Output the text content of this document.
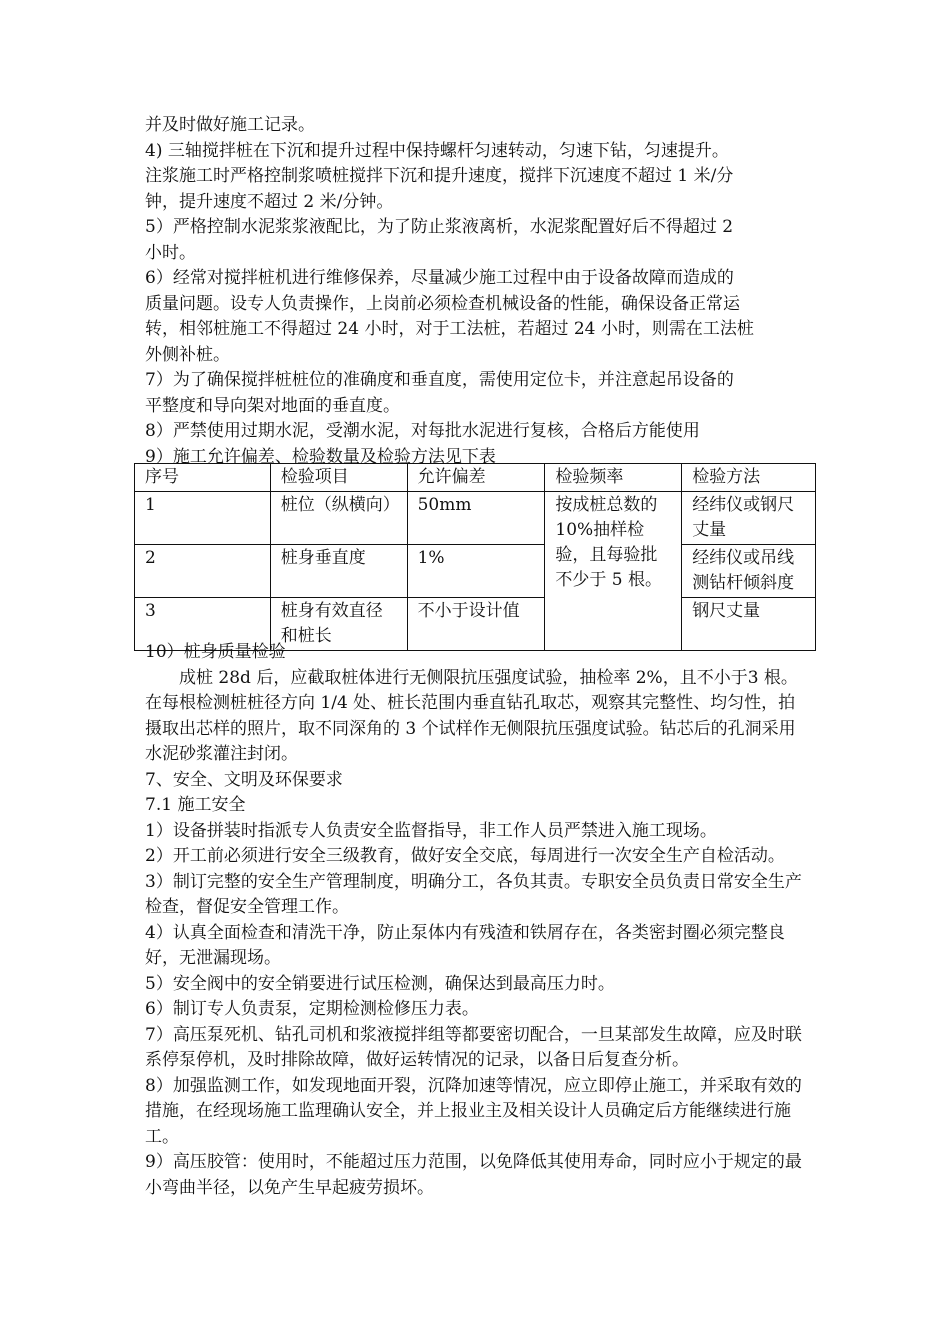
并及时做好施工记录。

4) 三轴搅拌桩在下沉和提升过程中保持螺杆匀速转动，匀速下钻，匀速提升。

注浆施工时严格控制浆喷桩搅拌下沉和提升速度，搅拌下沉速度不超过 1 米/分

钟，提升速度不超过 2 米/分钟。

5）严格控制水泥浆浆液配比，为了防止浆液离析，水泥浆配置好后不得超过 2

小时。

6）经常对搅拌桩机进行维修保养，尽量减少施工过程中由于设备故障而造成的

质量问题。设专人负责操作，上岗前必须检查机械设备的性能，确保设备正常运

转，相邻桩施工不得超过 24 小时，对于工法桩，若超过 24 小时，则需在工法桩

外侧补桩。

7）为了确保搅拌桩桩位的准确度和垂直度，需使用定位卡，并注意起吊设备的

平整度和导向架对地面的垂直度。

8）严禁使用过期水泥，受潮水泥，对每批水泥进行复核，合格后方能使用

9）施工允许偏差、检验数量及检验方法见下表

序号	检验项目	允许偏差	检验频率	检验方法
1	桩位（纵横向）	50mm	按成桩总数的10%抽样检验，且每验批不少于 5 根。	经纬仪或钢尺丈量
2	桩身垂直度	1%		经纬仪或吊线测钻杆倾斜度
3	桩身有效直径和桩长	不小于设计值		钢尺丈量

10）桩身质量检验

成桩 28d 后，应截取桩体进行无侧限抗压强度试验，抽检率 2%，且不小于3 根。在每根检测桩桩径方向 1/4 处、桩长范围内垂直钻孔取芯，观察其完整性、均匀性，拍摄取出芯样的照片，取不同深角的 3 个试样作无侧限抗压强度试验。钻芯后的孔洞采用水泥砂浆灌注封闭。

7、安全、文明及环保要求

7.1 施工安全

1）设备拼装时指派专人负责安全监督指导，非工作人员严禁进入施工现场。

2）开工前必须进行安全三级教育，做好安全交底，每周进行一次安全生产自检活动。

3）制订完整的安全生产管理制度，明确分工，各负其责。专职安全员负责日常安全生产检查，督促安全管理工作。

4）认真全面检查和清洗干净，防止泵体内有残渣和铁屑存在，各类密封圈必须完整良好，无泄漏现场。

5）安全阀中的安全销要进行试压检测，确保达到最高压力时。

6）制订专人负责泵，定期检测检修压力表。

7）高压泵死机、钻孔司机和浆液搅拌组等都要密切配合，一旦某部发生故障，应及时联系停泵停机，及时排除故障，做好运转情况的记录，以备日后复查分析。

8）加强监测工作，如发现地面开裂，沉降加速等情况，应立即停止施工，并采取有效的措施，在经现场施工监理确认安全，并上报业主及相关设计人员确定后方能继续进行施工。

9）高压胶管：使用时，不能超过压力范围，以免降低其使用寿命，同时应小于规定的最小弯曲半径，以免产生早起疲劳损坏。
